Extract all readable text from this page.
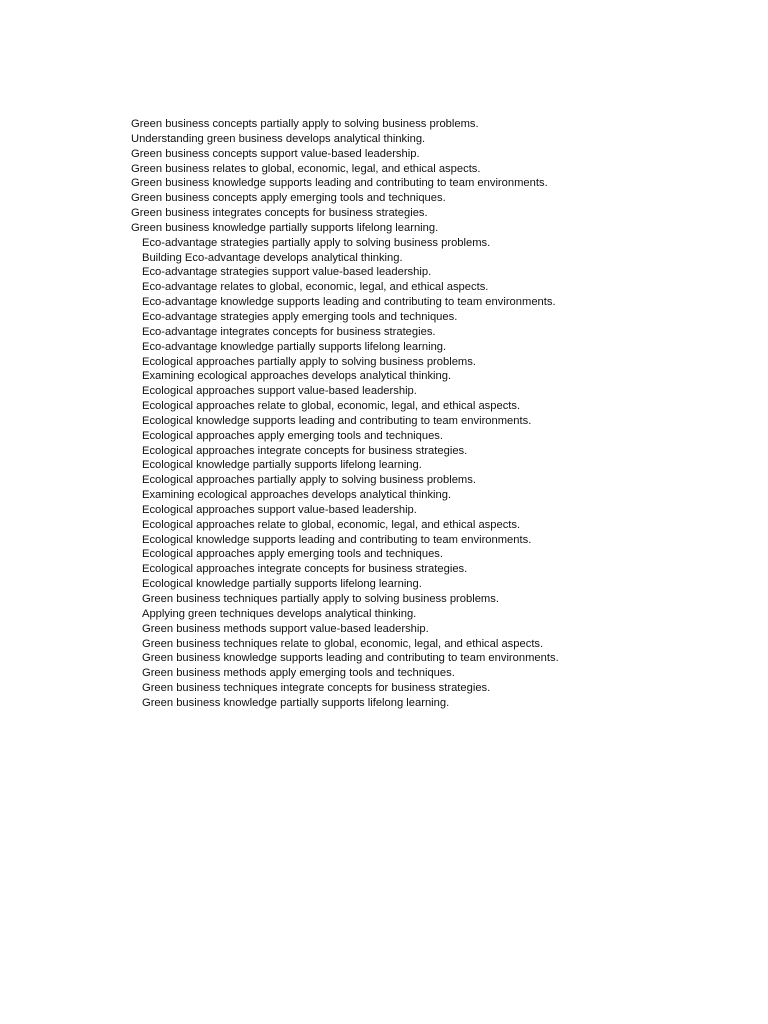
Green business concepts partially apply to solving business problems.
Understanding green business develops analytical thinking.
Green business concepts support value-based leadership.
Green business relates to global, economic, legal, and ethical aspects.
Green business knowledge supports leading and contributing to team environments.
Green business concepts apply emerging tools and techniques.
Green business integrates concepts for business strategies.
Green business knowledge partially supports lifelong learning.
Eco-advantage strategies partially apply to solving business problems.
Building Eco-advantage develops analytical thinking.
Eco-advantage strategies support value-based leadership.
Eco-advantage relates to global, economic, legal, and ethical aspects.
Eco-advantage knowledge supports leading and contributing to team environments.
Eco-advantage strategies apply emerging tools and techniques.
Eco-advantage integrates concepts for business strategies.
Eco-advantage knowledge partially supports lifelong learning.
Ecological approaches partially apply to solving business problems.
Examining ecological approaches develops analytical thinking.
Ecological approaches support value-based leadership.
Ecological approaches relate to global, economic, legal, and ethical aspects.
Ecological knowledge supports leading and contributing to team environments.
Ecological approaches apply emerging tools and techniques.
Ecological approaches integrate concepts for business strategies.
Ecological knowledge partially supports lifelong learning.
Ecological approaches partially apply to solving business problems.
Examining ecological approaches develops analytical thinking.
Ecological approaches support value-based leadership.
Ecological approaches relate to global, economic, legal, and ethical aspects.
Ecological knowledge supports leading and contributing to team environments.
Ecological approaches apply emerging tools and techniques.
Ecological approaches integrate concepts for business strategies.
Ecological knowledge partially supports lifelong learning.
Green business techniques partially apply to solving business problems.
Applying green techniques develops analytical thinking.
Green business methods support value-based leadership.
Green business techniques relate to global, economic, legal, and ethical aspects.
Green business knowledge supports leading and contributing to team environments.
Green business methods apply emerging tools and techniques.
Green business techniques integrate concepts for business strategies.
Green business knowledge partially supports lifelong learning.
